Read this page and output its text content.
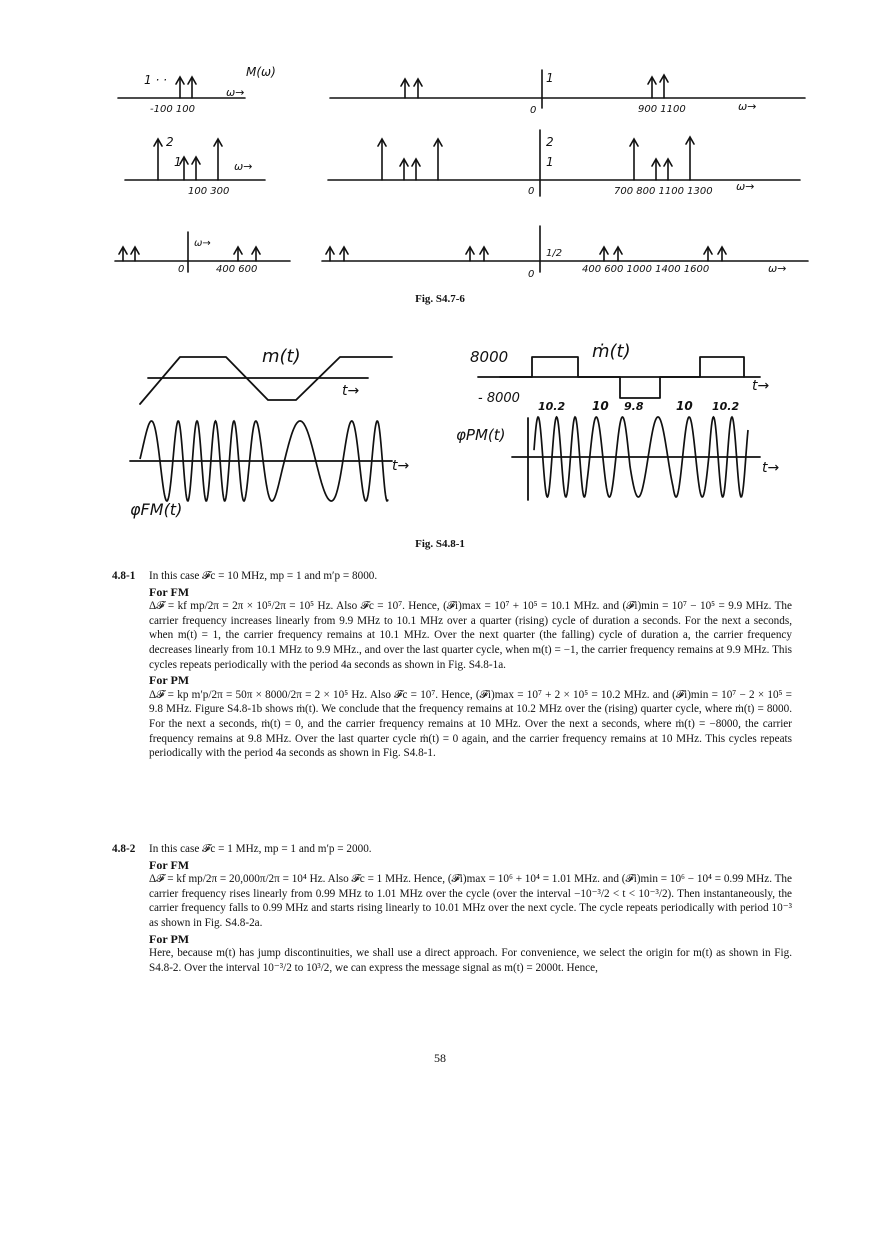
M(ω)
1 · ·
ω→
-100 100
1
0	900 1100	ω→
2
1	ω→
100 300
2
1
0	700 800 1100 1300 ω→
ω→
0	400 600
1/2
0	400 600 1000 1400 1600	ω→
Fig. S4.7-6
m(t)
t→
φFM(t)
t→
ṁ(t)
8000
- 8000
10.2 10 9.8	10 10.2
φPM(t)
t→
t→
Fig. S4.8-1
4.8-1 In this case 𝓕c = 10 MHz, mp = 1 and m′p = 8000.
For FM
Δ𝓕 = kf mp/2π = 2π × 10⁵/2π = 10⁵ Hz. Also 𝓕c = 10⁷. Hence, (𝓕i)max = 10⁷ + 10⁵ = 10.1 MHz. and (𝓕i)min = 10⁷ − 10⁵ = 9.9 MHz. The carrier frequency increases linearly from 9.9 MHz to 10.1 MHz over a quarter (rising) cycle of duration a seconds. For the next a seconds, when m(t) = 1, the carrier frequency remains at 10.1 MHz. Over the next quarter (the falling) cycle of duration a, the carrier frequency decreases linearly from 10.1 MHz to 9.9 MHz., and over the last quarter cycle, when m(t) = −1, the carrier frequency remains at 9.9 MHz. This cycles repeats periodically with the period 4a seconds as shown in Fig. S4.8-1a.
For PM
Δ𝓕 = kp m′p/2π = 50π × 8000/2π = 2 × 10⁵ Hz. Also 𝓕c = 10⁷. Hence, (𝓕i)max = 10⁷ + 2 × 10⁵ = 10.2 MHz. and (𝓕i)min = 10⁷ − 2 × 10⁵ = 9.8 MHz. Figure S4.8-1b shows ṁ(t). We conclude that the frequency remains at 10.2 MHz over the (rising) quarter cycle, where ṁ(t) = 8000. For the next a seconds, ṁ(t) = 0, and the carrier frequency remains at 10 MHz. Over the next a seconds, where ṁ(t) = −8000, the carrier frequency remains at 9.8 MHz. Over the last quarter cycle ṁ(t) = 0 again, and the carrier frequency remains at 10 MHz. This cycles repeats periodically with the period 4a seconds as shown in Fig. S4.8-1.
4.8-2 In this case 𝓕c = 1 MHz, mp = 1 and m′p = 2000.
For FM
Δ𝓕 = kf mp/2π = 20,000π/2π = 10⁴ Hz. Also 𝓕c = 1 MHz. Hence, (𝓕i)max = 10⁶ + 10⁴ = 1.01 MHz. and (𝓕i)min = 10⁶ − 10⁴ = 0.99 MHz. The carrier frequency rises linearly from 0.99 MHz to 1.01 MHz over the cycle (over the interval −10⁻³/2 < t < 10⁻³/2). Then instantaneously, the carrier frequency falls to 0.99 MHz and starts rising linearly to 10.01 MHz over the next cycle. The cycle repeats periodically with period 10⁻³ as shown in Fig. S4.8-2a.
For PM
Here, because m(t) has jump discontinuities, we shall use a direct approach. For convenience, we select the origin for m(t) as shown in Fig. S4.8-2. Over the interval 10⁻³/2 to 10³/2, we can express the message signal as m(t) = 2000t. Hence,
58
